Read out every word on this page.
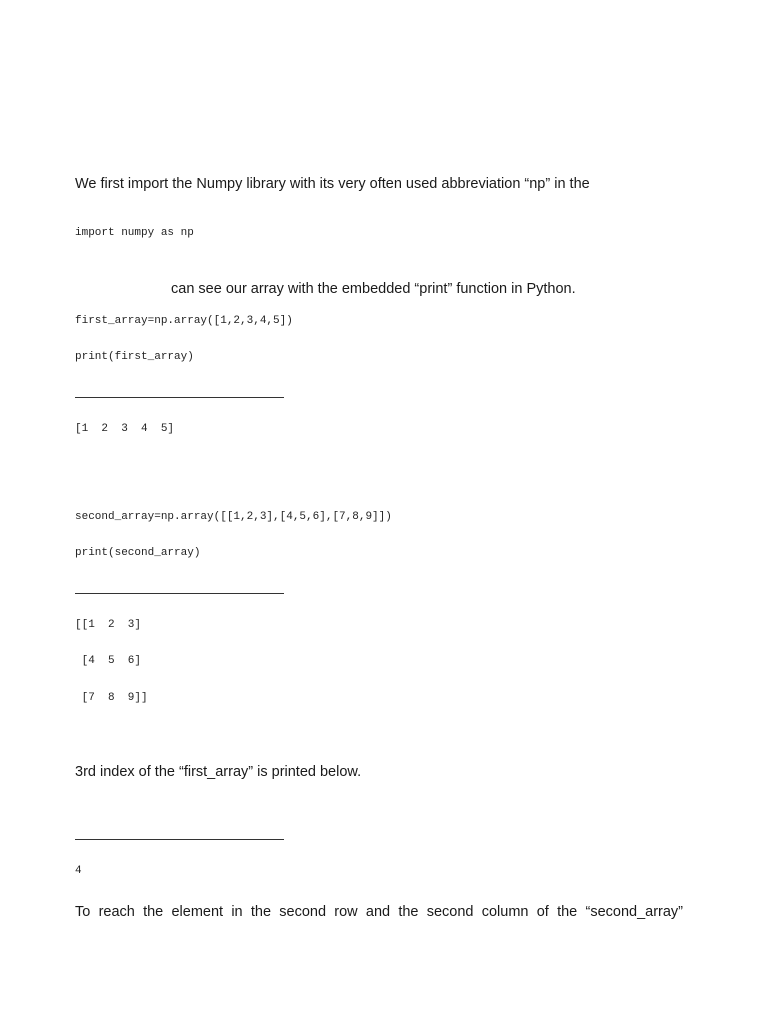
We first import the Numpy library with its very often used abbreviation “np” in the
import numpy as np
can see our array with the embedded “print” function in Python.
first_array=np.array([1,2,3,4,5])
print(first_array)
[1  2  3  4  5]
second_array=np.array([[1,2,3],[4,5,6],[7,8,9]])
print(second_array)
[[1  2  3]
[4  5  6]
[7  8  9]]
3rd index of the “first_array” is printed below.
4
To reach the element in the second row and the second column of the “second_array”
